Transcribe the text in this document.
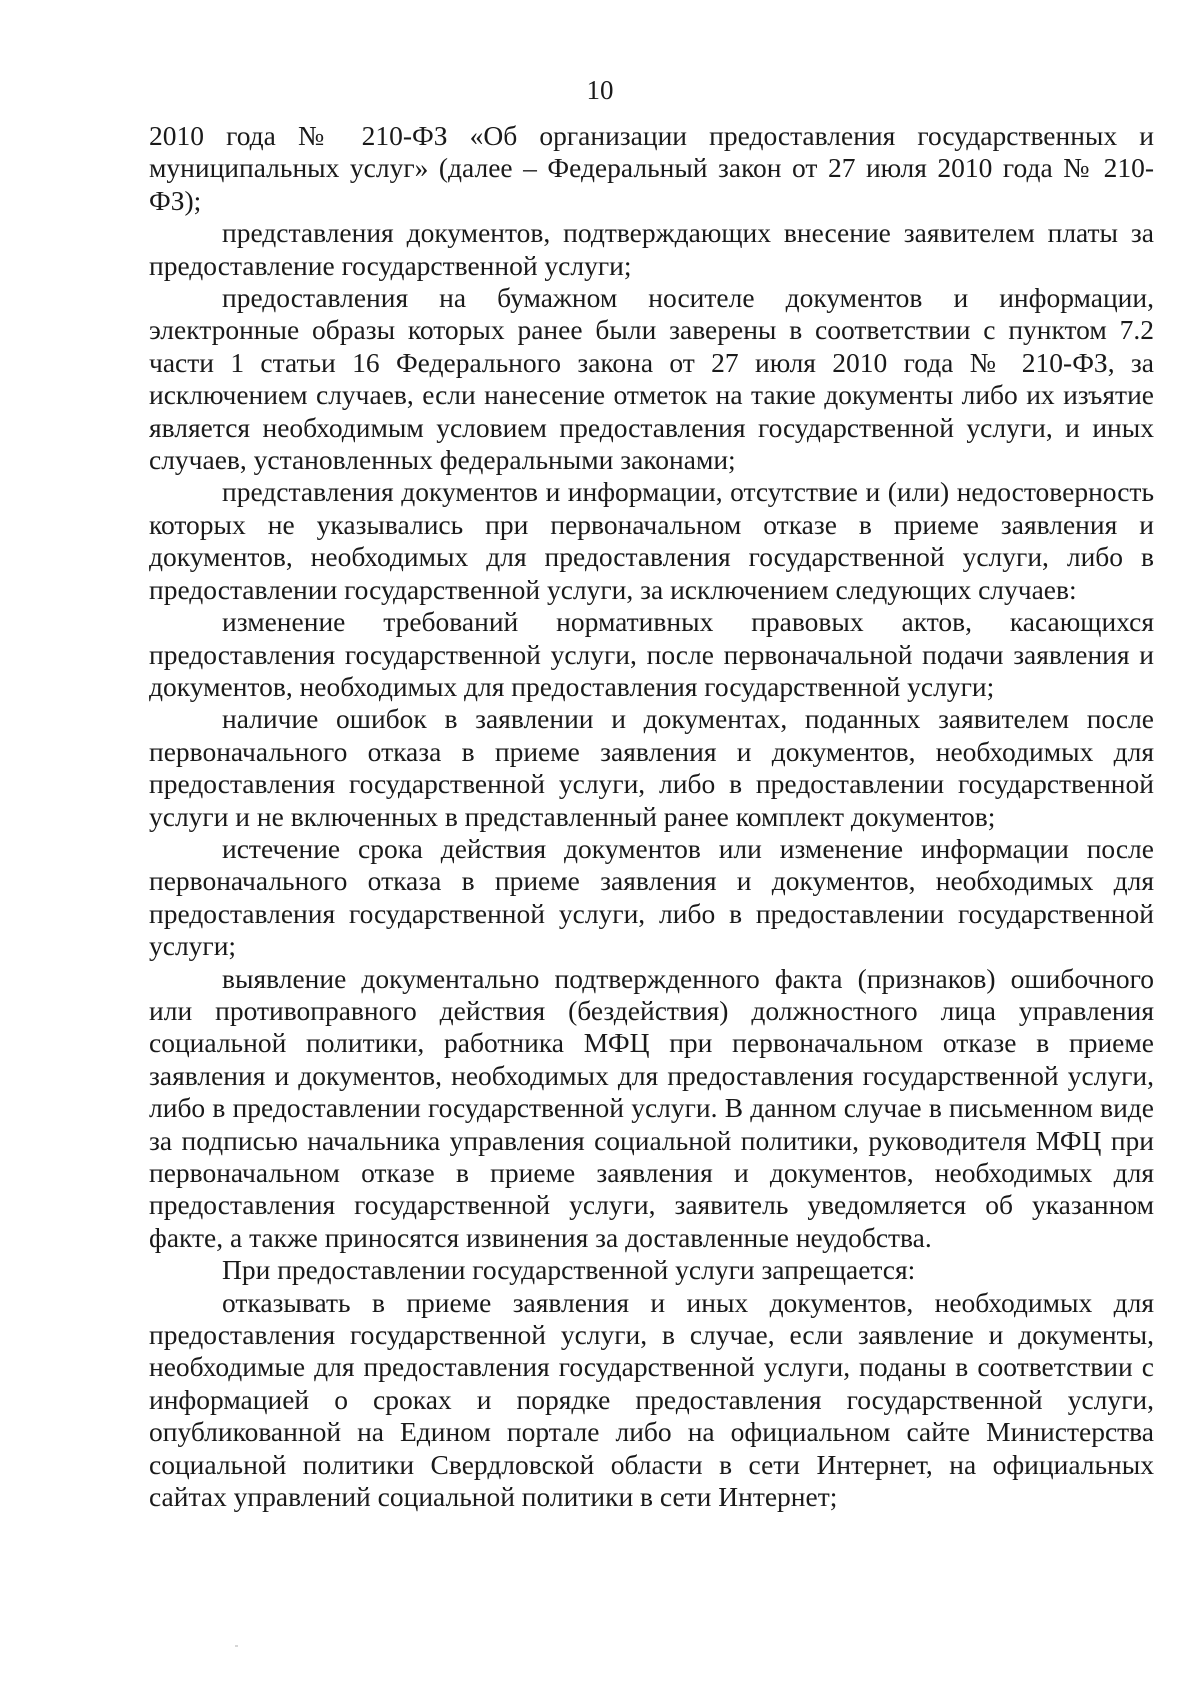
10

2010 года № 210-ФЗ «Об организации предоставления государственных и муниципальных услуг» (далее – Федеральный закон от 27 июля 2010 года № 210-ФЗ);

представления документов, подтверждающих внесение заявителем платы за предоставление государственной услуги;

предоставления на бумажном носителе документов и информации, электронные образы которых ранее были заверены в соответствии с пунктом 7.2 части 1 статьи 16 Федерального закона от 27 июля 2010 года № 210-ФЗ, за исключением случаев, если нанесение отметок на такие документы либо их изъятие является необходимым условием предоставления государственной услуги, и иных случаев, установленных федеральными законами;

представления документов и информации, отсутствие и (или) недостоверность которых не указывались при первоначальном отказе в приеме заявления и документов, необходимых для предоставления государственной услуги, либо в предоставлении государственной услуги, за исключением следующих случаев:

изменение требований нормативных правовых актов, касающихся предоставления государственной услуги, после первоначальной подачи заявления и документов, необходимых для предоставления государственной услуги;

наличие ошибок в заявлении и документах, поданных заявителем после первоначального отказа в приеме заявления и документов, необходимых для предоставления государственной услуги, либо в предоставлении государственной услуги и не включенных в представленный ранее комплект документов;

истечение срока действия документов или изменение информации после первоначального отказа в приеме заявления и документов, необходимых для предоставления государственной услуги, либо в предоставлении государственной услуги;

выявление документально подтвержденного факта (признаков) ошибочного или противоправного действия (бездействия) должностного лица управления социальной политики, работника МФЦ при первоначальном отказе в приеме заявления и документов, необходимых для предоставления государственной услуги, либо в предоставлении государственной услуги. В данном случае в письменном виде за подписью начальника управления социальной политики, руководителя МФЦ при первоначальном отказе в приеме заявления и документов, необходимых для предоставления государственной услуги, заявитель уведомляется об указанном факте, а также приносятся извинения за доставленные неудобства.

При предоставлении государственной услуги запрещается:

отказывать в приеме заявления и иных документов, необходимых для предоставления государственной услуги, в случае, если заявление и документы, необходимые для предоставления государственной услуги, поданы в соответствии с информацией о сроках и порядке предоставления государственной услуги, опубликованной на Едином портале либо на официальном сайте Министерства социальной политики Свердловской области в сети Интернет, на официальных сайтах управлений социальной политики в сети Интернет;
